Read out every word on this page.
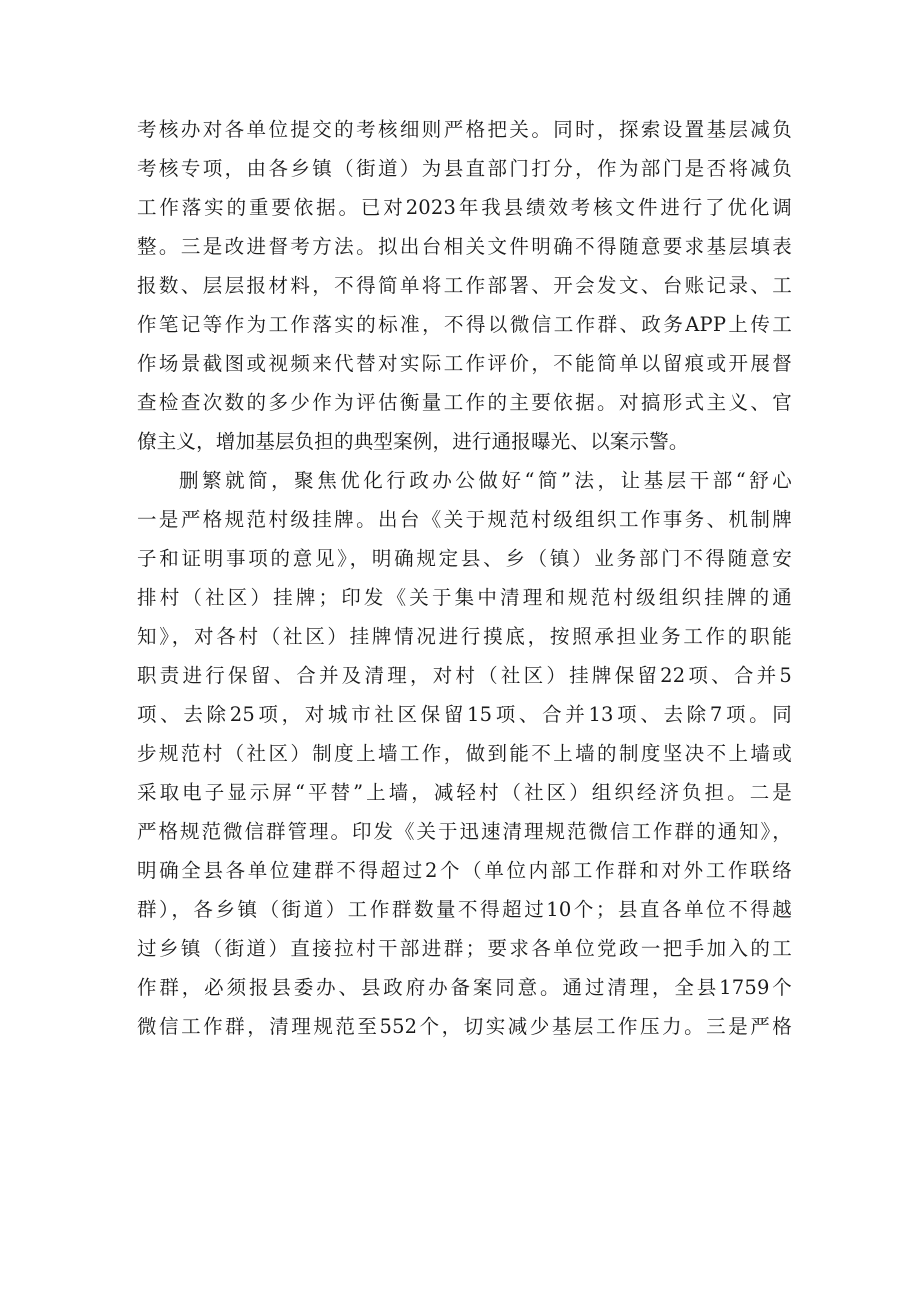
考核办对各单位提交的考核细则严格把关。同时，探索设置基层减负
考核专项，由各乡镇（街道）为县直部门打分，作为部门是否将减负
工作落实的重要依据。已对2023年我县绩效考核文件进行了优化调
整。三是改进督考方法。拟出台相关文件明确不得随意要求基层填表
报数、层层报材料，不得简单将工作部署、开会发文、台账记录、工
作笔记等作为工作落实的标准，不得以微信工作群、政务APP上传工
作场景截图或视频来代替对实际工作评价，不能简单以留痕或开展督
查检查次数的多少作为评估衡量工作的主要依据。对搞形式主义、官
僚主义，增加基层负担的典型案例，进行通报曝光、以案示警。
删繁就简，聚焦优化行政办公做好“简”法，让基层干部“舒心
一是严格规范村级挂牌。出台《关于规范村级组织工作事务、机制牌
子和证明事项的意见》，明确规定县、乡（镇）业务部门不得随意安
排村（社区）挂牌；印发《关于集中清理和规范村级组织挂牌的通
知》，对各村（社区）挂牌情况进行摸底，按照承担业务工作的职能
职责进行保留、合并及清理，对村（社区）挂牌保留22项、合并5
项、去除25项，对城市社区保留15项、合并13项、去除7项。同
步规范村（社区）制度上墙工作，做到能不上墙的制度坚决不上墙或
采取电子显示屏“平替”上墙，减轻村（社区）组织经济负担。二是
严格规范微信群管理。印发《关于迅速清理规范微信工作群的通知》，
明确全县各单位建群不得超过2个（单位内部工作群和对外工作联络
群），各乡镇（街道）工作群数量不得超过10个；县直各单位不得越
过乡镇（街道）直接拉村干部进群；要求各单位党政一把手加入的工
作群，必须报县委办、县政府办备案同意。通过清理，全县1759个
微信工作群，清理规范至552个，切实减少基层工作压力。三是严格
